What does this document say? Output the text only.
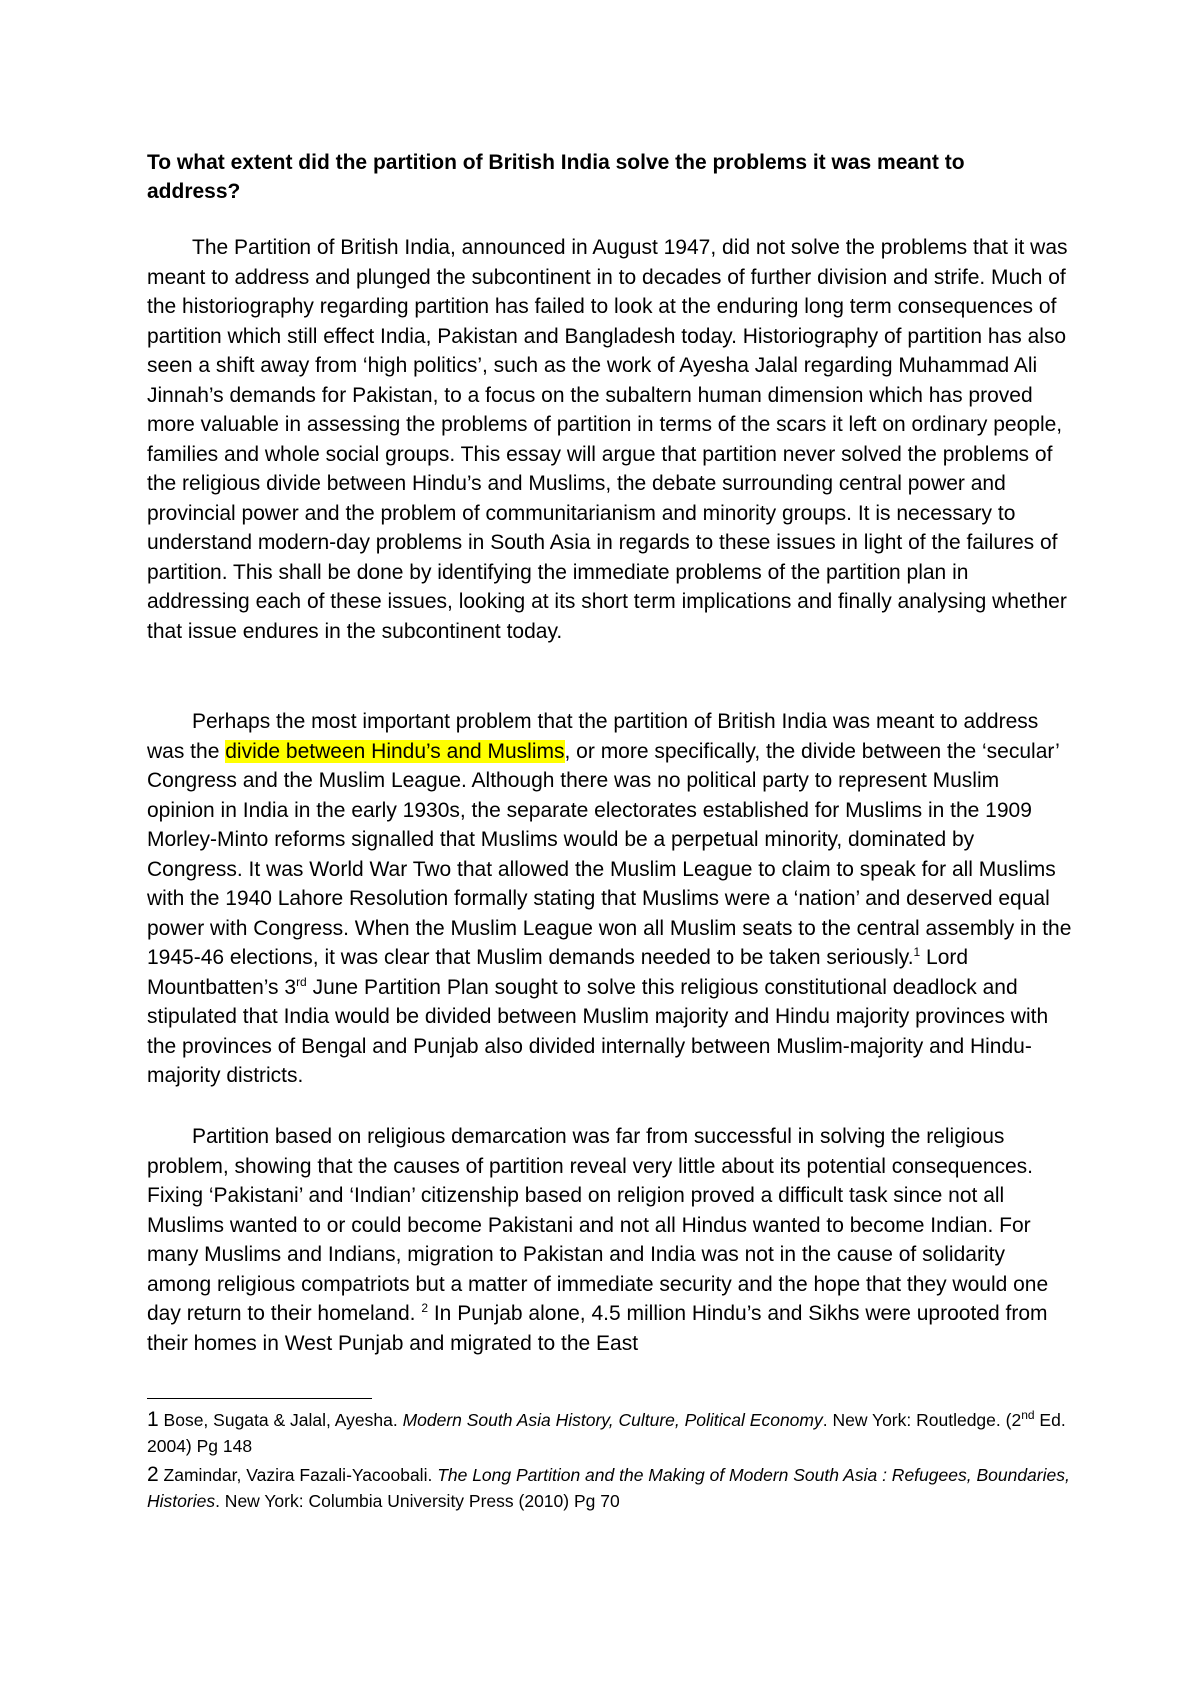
To what extent did the partition of British India solve the problems it was meant to address?

The Partition of British India, announced in August 1947, did not solve the problems that it was meant to address and plunged the subcontinent in to decades of further division and strife. Much of the historiography regarding partition has failed to look at the enduring long term consequences of partition which still effect India, Pakistan and Bangladesh today. Historiography of partition has also seen a shift away from ‘high politics’, such as the work of Ayesha Jalal regarding Muhammad Ali Jinnah’s demands for Pakistan, to a focus on the subaltern human dimension which has proved more valuable in assessing the problems of partition in terms of the scars it left on ordinary people, families and whole social groups. This essay will argue that partition never solved the problems of the religious divide between Hindu’s and Muslims, the debate surrounding central power and provincial power and the problem of communitarianism and minority groups. It is necessary to understand modern-day problems in South Asia in regards to these issues in light of the failures of partition. This shall be done by identifying the immediate problems of the partition plan in addressing each of these issues, looking at its short term implications and finally analysing whether that issue endures in the subcontinent today.

Perhaps the most important problem that the partition of British India was meant to address was the divide between Hindu’s and Muslims, or more specifically, the divide between the ‘secular’ Congress and the Muslim League. Although there was no political party to represent Muslim opinion in India in the early 1930s, the separate electorates established for Muslims in the 1909 Morley-Minto reforms signalled that Muslims would be a perpetual minority, dominated by Congress. It was World War Two that allowed the Muslim League to claim to speak for all Muslims with the 1940 Lahore Resolution formally stating that Muslims were a ‘nation’ and deserved equal power with Congress. When the Muslim League won all Muslim seats to the central assembly in the 1945-46 elections, it was clear that Muslim demands needed to be taken seriously.$^1$ Lord Mountbatten’s 3rd June Partition Plan sought to solve this religious constitutional deadlock and stipulated that India would be divided between Muslim majority and Hindu majority provinces with the provinces of Bengal and Punjab also divided internally between Muslim-majority and Hindu-majority districts.

Partition based on religious demarcation was far from successful in solving the religious problem, showing that the causes of partition reveal very little about its potential consequences. Fixing ‘Pakistani’ and ‘Indian’ citizenship based on religion proved a difficult task since not all Muslims wanted to or could become Pakistani and not all Hindus wanted to become Indian. For many Muslims and Indians, migration to Pakistan and India was not in the cause of solidarity among religious compatriots but a matter of immediate security and the hope that they would one day return to their homeland. $^2$ In Punjab alone, 4.5 million Hindu’s and Sikhs were uprooted from their homes in West Punjab and migrated to the East

1 Bose, Sugata & Jalal, Ayesha. Modern South Asia History, Culture, Political Economy. New York: Routledge. (2nd Ed. 2004) Pg 148

2 Zamindar, Vazira Fazali-Yacoobali. The Long Partition and the Making of Modern South Asia : Refugees, Boundaries, Histories. New York: Columbia University Press (2010) Pg 70
